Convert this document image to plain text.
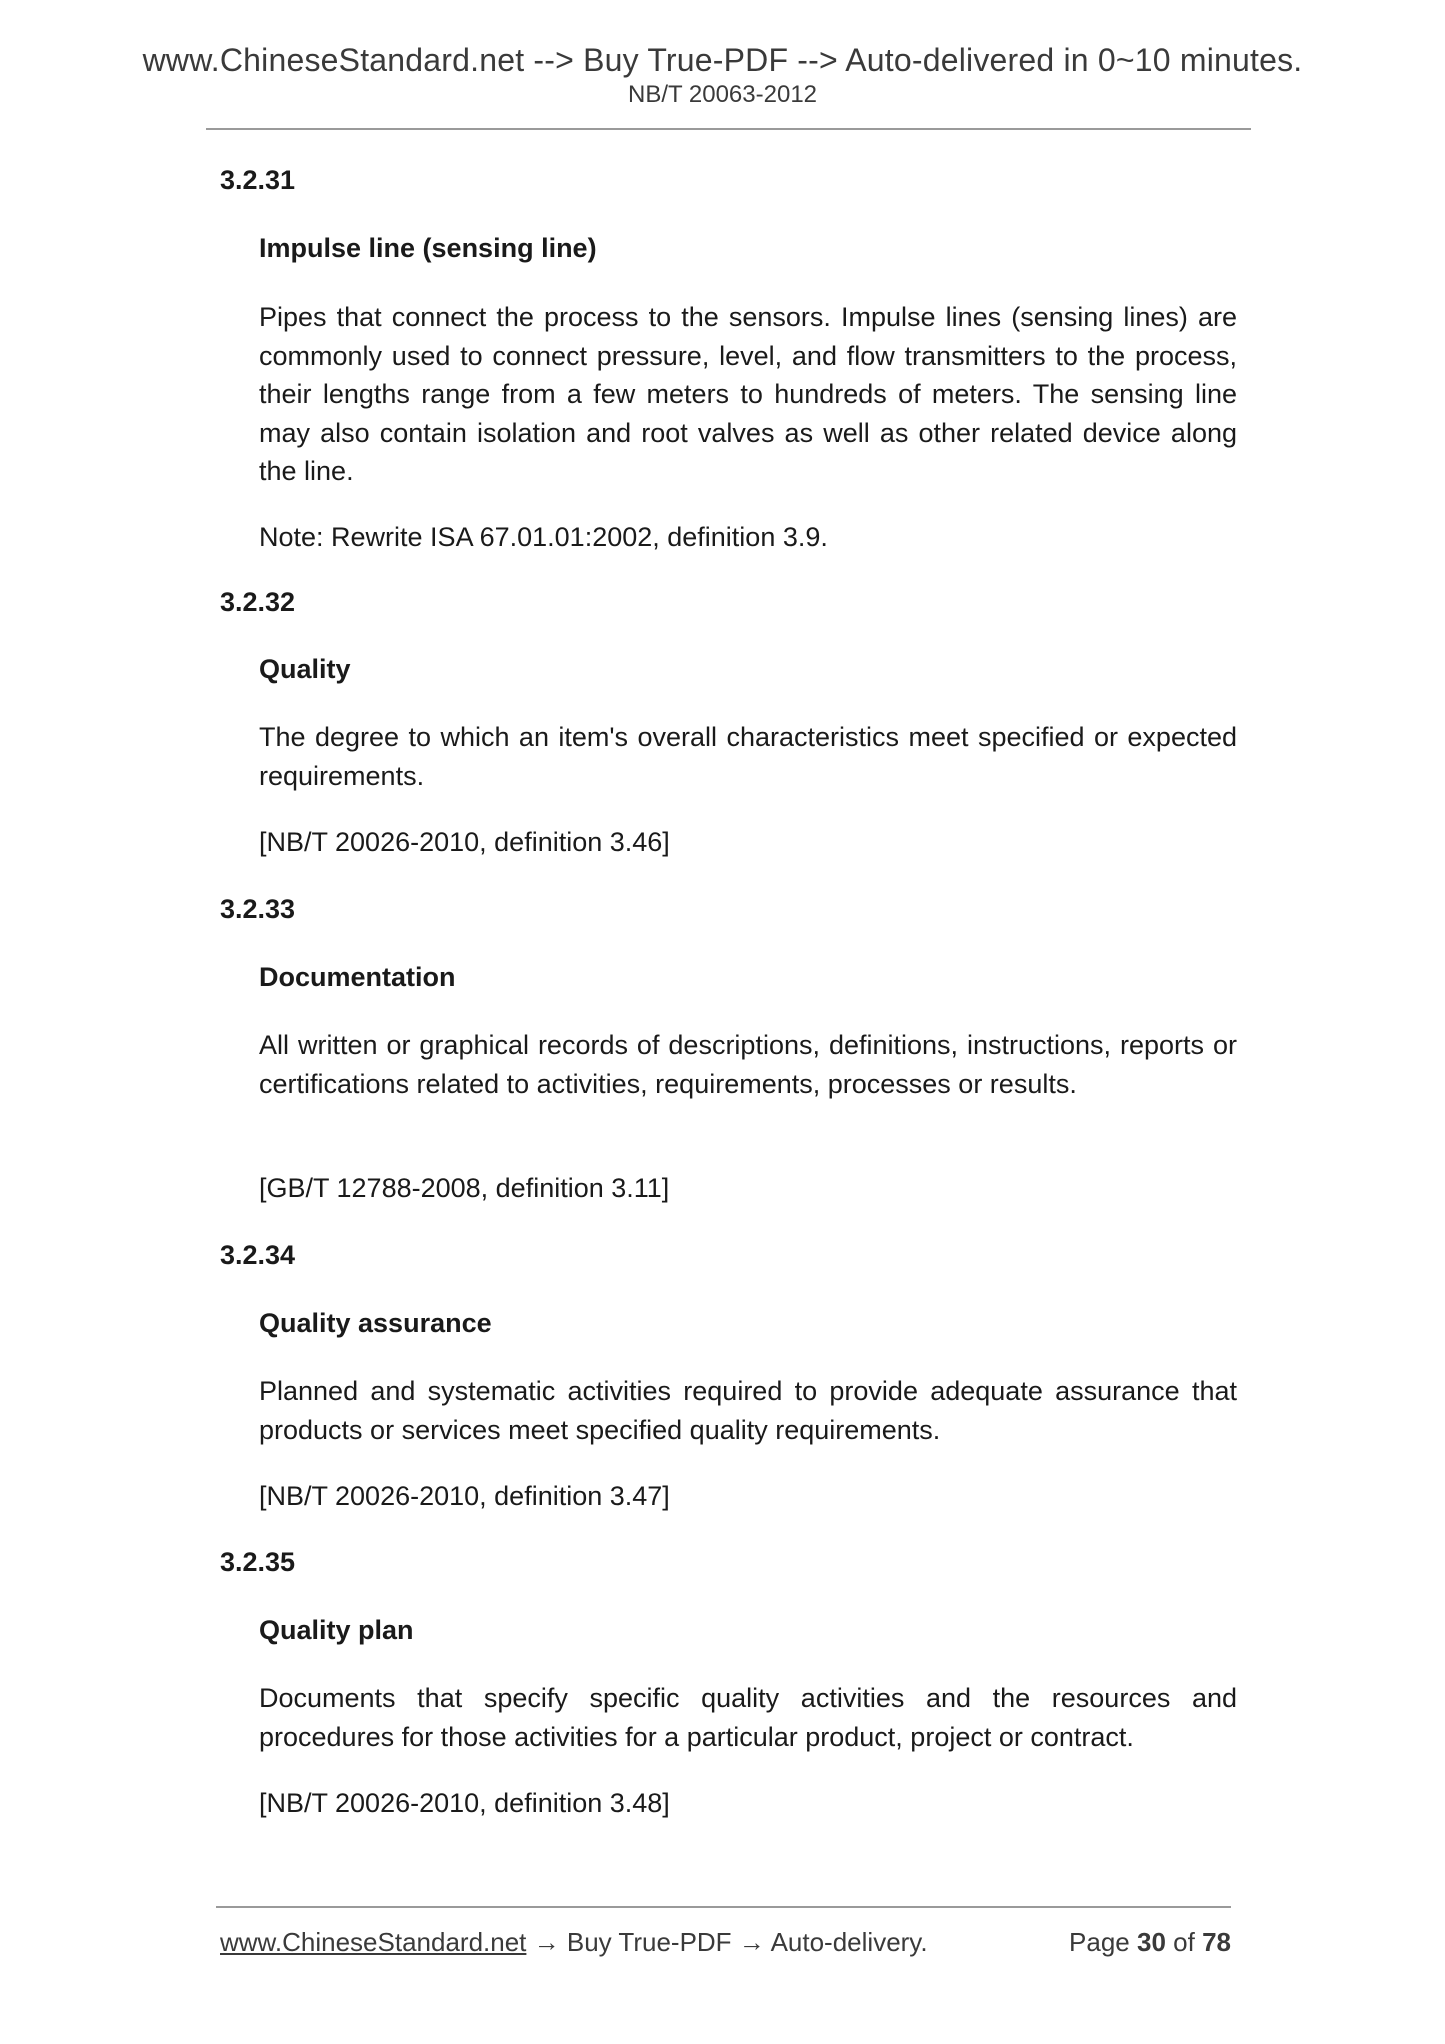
www.ChineseStandard.net --> Buy True-PDF --> Auto-delivered in 0~10 minutes.
NB/T 20063-2012
3.2.31
Impulse line (sensing line)
Pipes that connect the process to the sensors. Impulse lines (sensing lines) are commonly used to connect pressure, level, and flow transmitters to the process, their lengths range from a few meters to hundreds of meters. The sensing line may also contain isolation and root valves as well as other related device along the line.
Note: Rewrite ISA 67.01.01:2002, definition 3.9.
3.2.32
Quality
The degree to which an item's overall characteristics meet specified or expected requirements.
[NB/T 20026-2010, definition 3.46]
3.2.33
Documentation
All written or graphical records of descriptions, definitions, instructions, reports or certifications related to activities, requirements, processes or results.
[GB/T 12788-2008, definition 3.11]
3.2.34
Quality assurance
Planned and systematic activities required to provide adequate assurance that products or services meet specified quality requirements.
[NB/T 20026-2010, definition 3.47]
3.2.35
Quality plan
Documents that specify specific quality activities and the resources and procedures for those activities for a particular product, project or contract.
[NB/T 20026-2010, definition 3.48]
www.ChineseStandard.net → Buy True-PDF → Auto-delivery.	Page 30 of 78
